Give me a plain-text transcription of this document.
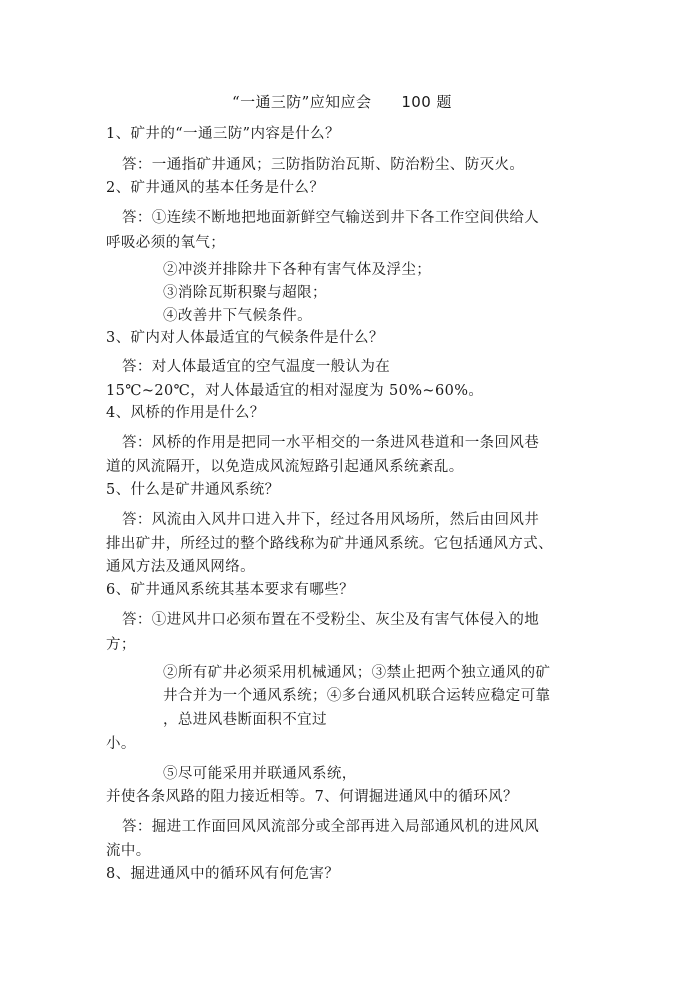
“一通三防”应知应会 100 题

1、矿井的“一通三防”内容是什么？

答：一通指矿井通风；三防指防治瓦斯、防治粉尘、防灭火。

2、矿井通风的基本任务是什么？

答：①连续不断地把地面新鲜空气输送到井下各工作空间供给人

呼吸必须的氧气；

②冲淡并排除井下各种有害气体及浮尘；

③消除瓦斯积聚与超限；

④改善井下气候条件。

3、矿内对人体最适宜的气候条件是什么？

答：对人体最适宜的空气温度一般认为在

15℃~20℃，对人体最适宜的相对湿度为 50%~60%。

4、风桥的作用是什么？

答：风桥的作用是把同一水平相交的一条进风巷道和一条回风巷

道的风流隔开，以免造成风流短路引起通风系统紊乱。

5、什么是矿井通风系统？

答：风流由入风井口进入井下，经过各用风场所，然后由回风井

排出矿井，所经过的整个路线称为矿井通风系统。它包括通风方式、

通风方法及通风网络。

6、矿井通风系统其基本要求有哪些？

答：①进风井口必须布置在不受粉尘、灰尘及有害气体侵入的地

方；

②所有矿井必须采用机械通风；③禁止把两个独立通风的矿

井合并为一个通风系统；④多台通风机联合运转应稳定可靠

，总进风巷断面积不宜过

小。

⑤尽可能采用并联通风系统，

并使各条风路的阻力接近相等。7、何谓掘进通风中的循环风？

答：掘进工作面回风风流部分或全部再进入局部通风机的进风风

流中。

8、掘进通风中的循环风有何危害？
